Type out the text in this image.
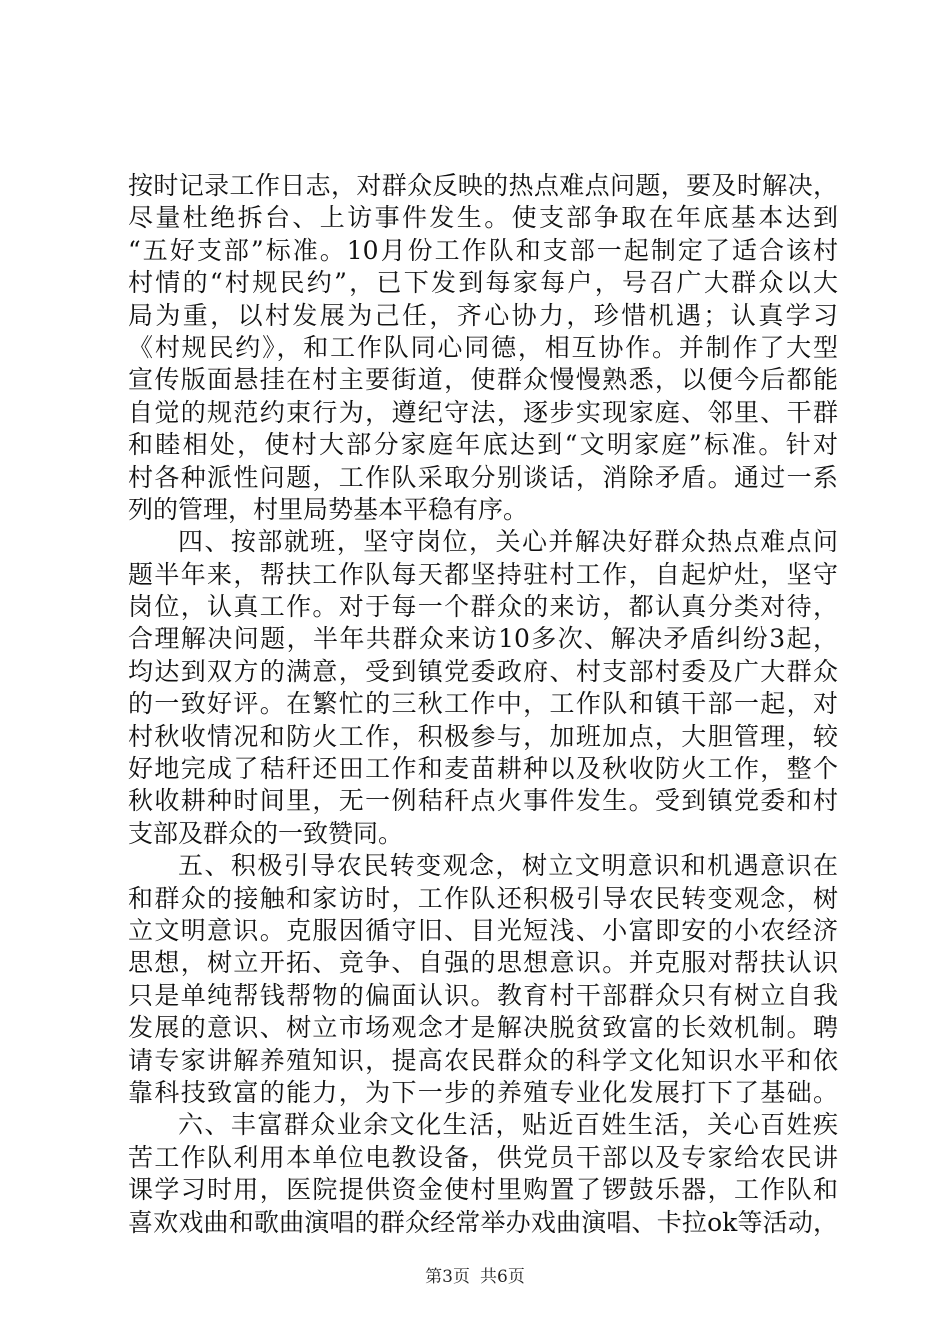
按时记录工作日志，对群众反映的热点难点问题，要及时解决，
尽量杜绝拆台、上访事件发生。使支部争取在年底基本达到
“五好支部”标准。10月份工作队和支部一起制定了适合该村
村情的“村规民约”，已下发到每家每户，号召广大群众以大
局为重，以村发展为己任，齐心协力，珍惜机遇；认真学习
《村规民约》，和工作队同心同德，相互协作。并制作了大型
宣传版面悬挂在村主要街道，使群众慢慢熟悉，以便今后都能
自觉的规范约束行为，遵纪守法，逐步实现家庭、邻里、干群
和睦相处，使村大部分家庭年底达到“文明家庭”标准。针对
村各种派性问题，工作队采取分别谈话，消除矛盾。通过一系
列的管理，村里局势基本平稳有序。
四、按部就班，坚守岗位，关心并解决好群众热点难点问
题半年来，帮扶工作队每天都坚持驻村工作，自起炉灶，坚守
岗位，认真工作。对于每一个群众的来访，都认真分类对待，
合理解决问题，半年共群众来访10多次、解决矛盾纠纷3起，
均达到双方的满意，受到镇党委政府、村支部村委及广大群众
的一致好评。在繁忙的三秋工作中，工作队和镇干部一起，对
村秋收情况和防火工作，积极参与，加班加点，大胆管理，较
好地完成了秸秆还田工作和麦苗耕种以及秋收防火工作，整个
秋收耕种时间里，无一例秸秆点火事件发生。受到镇党委和村
支部及群众的一致赞同。
五、积极引导农民转变观念，树立文明意识和机遇意识在
和群众的接触和家访时，工作队还积极引导农民转变观念，树
立文明意识。克服因循守旧、目光短浅、小富即安的小农经济
思想，树立开拓、竞争、自强的思想意识。并克服对帮扶认识
只是单纯帮钱帮物的偏面认识。教育村干部群众只有树立自我
发展的意识、树立市场观念才是解决脱贫致富的长效机制。聘
请专家讲解养殖知识，提高农民群众的科学文化知识水平和依
靠科技致富的能力，为下一步的养殖专业化发展打下了基础。
六、丰富群众业余文化生活，贴近百姓生活，关心百姓疾
苦工作队利用本单位电教设备，供党员干部以及专家给农民讲
课学习时用，医院提供资金使村里购置了锣鼓乐器，工作队和
喜欢戏曲和歌曲演唱的群众经常举办戏曲演唱、卡拉ok等活动，
第3页 共6页
